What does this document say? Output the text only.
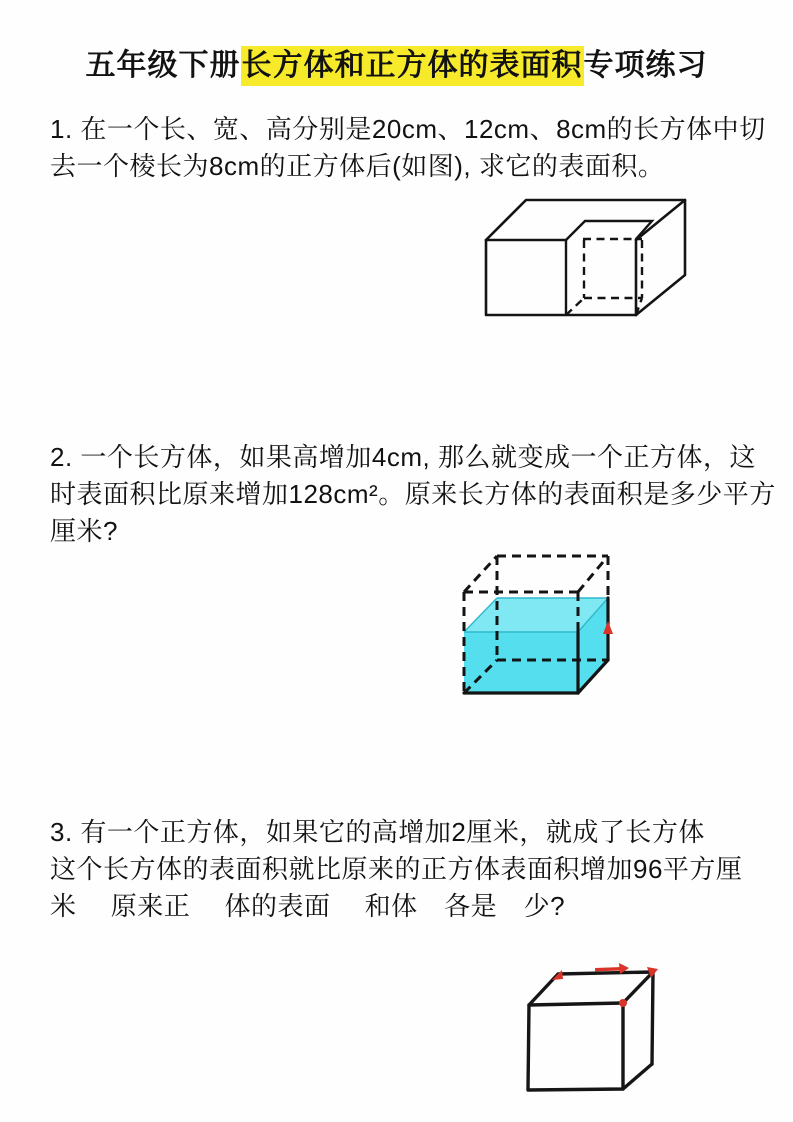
五年级下册长方体和正方体的表面积专项练习
1. 在一个长、宽、高分别是20cm、12cm、8cm的长方体中切
去一个棱长为8cm的正方体后(如图), 求它的表面积。
2. 一个长方体，如果高增加4cm, 那么就变成一个正方体，这
时表面积比原来增加128cm²。原来长方体的表面积是多少平方
厘米?
3. 有一个正方体，如果它的高增加2厘米，就成了长方体
这个长方体的表面积就比原来的正方体表面积增加96平方厘
米　 原来正　 体的表面　 和体　各是　少?
